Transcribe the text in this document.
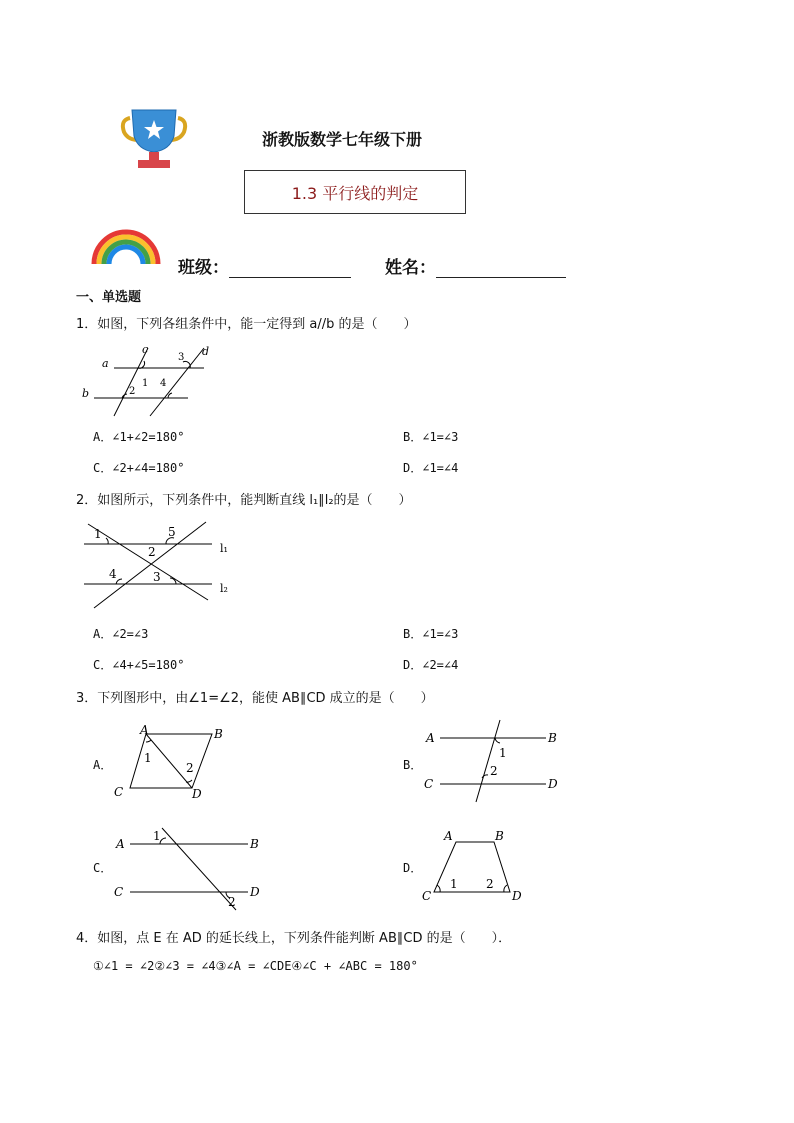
浙教版数学七年级下册
1.3 平行线的判定
班级：	姓名：
一、单选题
1．如图，下列各组条件中，能一定得到 a//b 的是（　　）
a
b
c	d
1
2
3
4
A．∠1+∠2=180°	B．∠1=∠3
C．∠2+∠4=180°	D．∠1=∠4
2．如图所示，下列条件中，能判断直线 l₁∥l₂的是（　　）
1
2
3
4
5
l₁
l₂
A．∠2=∠3	B．∠1=∠3
C．∠4+∠5=180°	D．∠2=∠4
3．下列图形中，由∠1=∠2，能使 AB∥CD 成立的是（　　）
A．
A	B
C	D
1
2	B．
A	B
C	D
1
2
C．
A	B
C	D
1
2
D．
A	B
C	D
1 2
4．如图，点 E 在 AD 的延长线上，下列条件能判断 AB∥CD 的是（　　）．
①∠1 = ∠2②∠3 = ∠4③∠A = ∠CDE④∠C + ∠ABC = 180°
